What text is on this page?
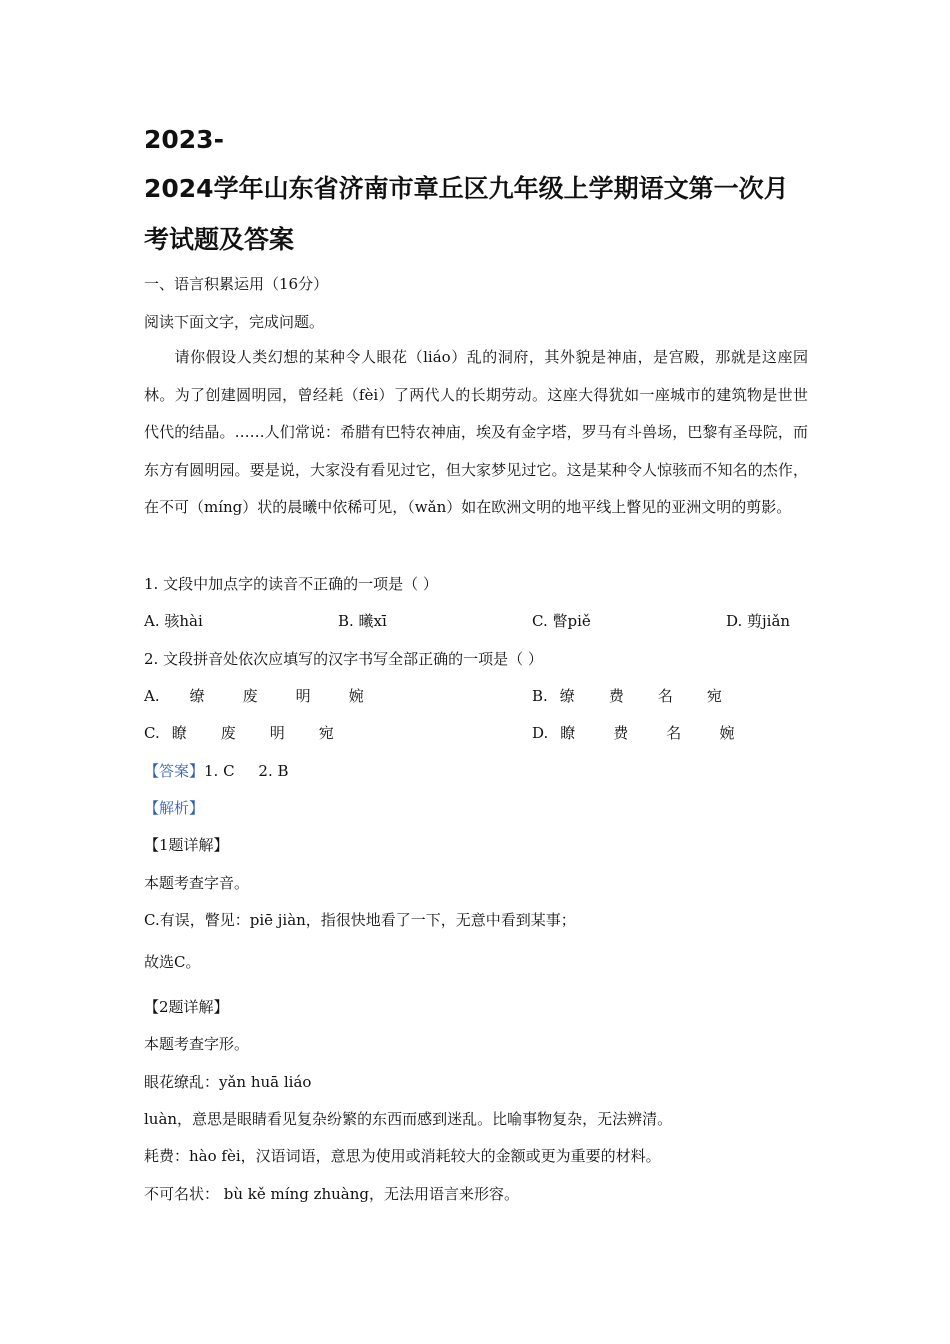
2023-
2024学年山东省济南市章丘区九年级上学期语文第一次月
考试题及答案
一、语言积累运用（16分）
阅读下面文字，完成问题。
请你假设人类幻想的某种令人眼花（liáo）乱的洞府，其外貌是神庙，是宫殿，那就是这座园林。为了创建圆明园，曾经耗（fèi）了两代人的长期劳动。这座大得犹如一座城市的建筑物是世世代代的结晶。……人们常说：希腊有巴特农神庙，埃及有金字塔，罗马有斗兽场，巴黎有圣母院，而东方有圆明园。要是说，大家没有看见过它，但大家梦见过它。这是某种令人惊骇而不知名的杰作，在不可（míng）状的晨曦中依稀可见，（wǎn）如在欧洲文明的地平线上瞥见的亚洲文明的剪影。
1. 文段中加点字的读音不正确的一项是（ ）
A. 骇hài	B. 曦xī	C. 瞥piě	D. 剪jiǎn
2. 文段拼音处依次应填写的汉字书写全部正确的一项是（ ）
A. 缭	废	明	婉	B. 缭 费 名 宛
C. 瞭 废 明 宛	D. 瞭	费	名	婉
【答案】1. C     2. B
【解析】
【1题详解】
本题考查字音。
C.有误，瞥见：piē jiàn，指很快地看了一下，无意中看到某事；
故选C。
【2题详解】
本题考查字形。
眼花缭乱：yǎn huā liáo
luàn，意思是眼睛看见复杂纷繁的东西而感到迷乱。比喻事物复杂，无法辨清。
耗费：hào fèi，汉语词语，意思为使用或消耗较大的金额或更为重要的材料。
不可名状： bù kě míng zhuàng，无法用语言来形容。
